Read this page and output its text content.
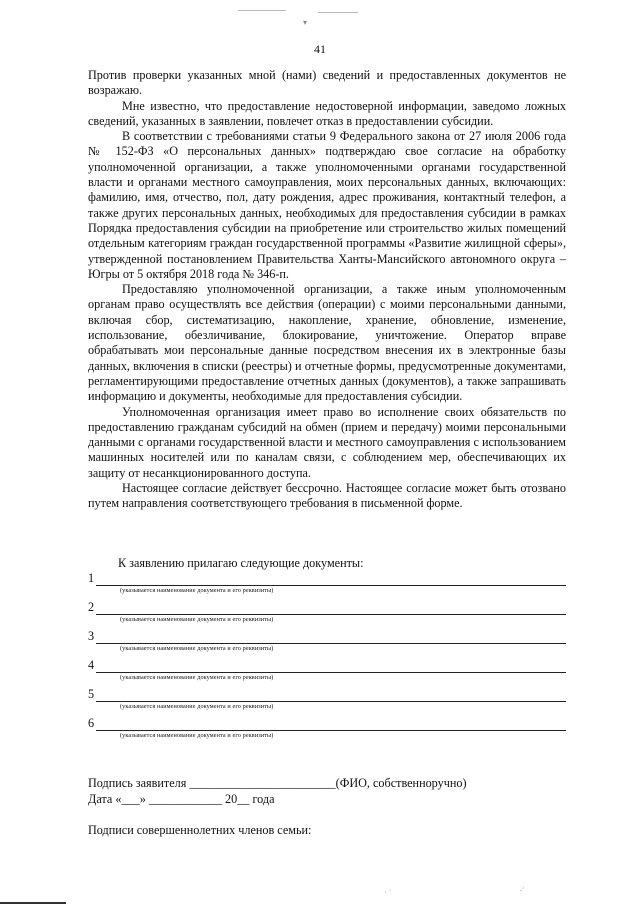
▾
41

Против проверки указанных мной (нами) сведений и предоставленных документов не возражаю.

Мне известно, что предоставление недостоверной информации, заведомо ложных сведений, указанных в заявлении, повлечет отказ в предоставлении субсидии.

В соответствии с требованиями статьи 9 Федерального закона от 27 июля 2006 года № 152-ФЗ «О персональных данных» подтверждаю свое согласие на обработку уполномоченной организации, а также уполномоченными органами государственной власти и органами местного самоуправления, моих персональных данных, включающих: фамилию, имя, отчество, пол, дату рождения, адрес проживания, контактный телефон, а также других персональных данных, необходимых для предоставления субсидии в рамках Порядка предоставления субсидии на приобретение или строительство жилых помещений отдельным категориям граждан государственной программы «Развитие жилищной сферы», утвержденной постановлением Правительства Ханты-Мансийского автономного округа – Югры от 5 октября 2018 года № 346-п.

Предоставляю уполномоченной организации, а также иным уполномоченным органам право осуществлять все действия (операции) с моими персональными данными, включая сбор, систематизацию, накопление, хранение, обновление, изменение, использование, обезличивание, блокирование, уничтожение. Оператор вправе обрабатывать мои персональные данные посредством внесения их в электронные базы данных, включения в списки (реестры) и отчетные формы, предусмотренные документами, регламентирующими предоставление отчетных данных (документов), а также запрашивать информацию и документы, необходимые для предоставления субсидии.

Уполномоченная организация имеет право во исполнение своих обязательств по предоставлению гражданам субсидий на обмен (прием и передачу) моими персональными данными с органами государственной власти и местного самоуправления с использованием машинных носителей или по каналам связи, с соблюдением мер, обеспечивающих их защиту от несанкционированного доступа.

Настоящее согласие действует бессрочно. Настоящее согласие может быть отозвано путем направления соответствующего требования в письменной форме.

К заявлению прилагаю следующие документы:
1
(указывается наименование документа и его реквизиты)
2
(указывается наименование документа и его реквизиты)
3
(указывается наименование документа и его реквизиты)
4
(указывается наименование документа и его реквизиты)
5
(указывается наименование документа и его реквизиты)
6
(указывается наименование документа и его реквизиты)
Подпись заявителя ________________________(ФИО, собственноручно)
Дата «___» ____________ 20__ года
Подписи совершеннолетних членов семьи:
· ˙	.·
